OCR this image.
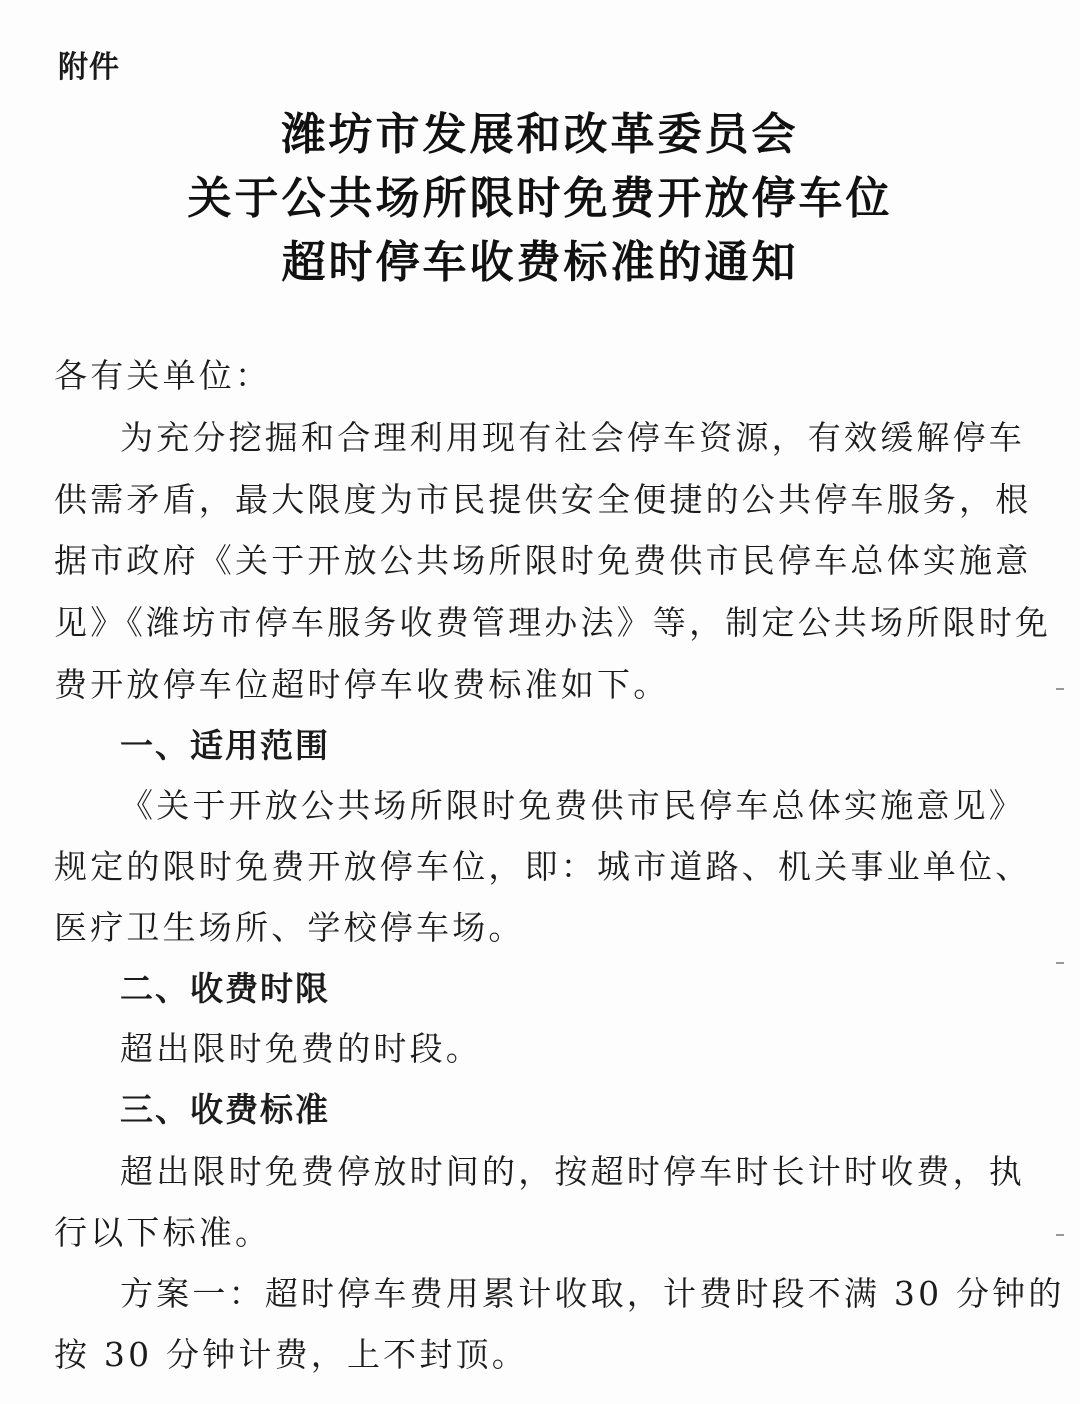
附件
潍坊市发展和改革委员会
关于公共场所限时免费开放停车位
超时停车收费标准的通知
各有关单位：
为充分挖掘和合理利用现有社会停车资源，有效缓解停车
供需矛盾，最大限度为市民提供安全便捷的公共停车服务，根
据市政府《关于开放公共场所限时免费供市民停车总体实施意
见》《潍坊市停车服务收费管理办法》等，制定公共场所限时免
费开放停车位超时停车收费标准如下。
一、适用范围
《关于开放公共场所限时免费供市民停车总体实施意见》
规定的限时免费开放停车位，即：城市道路、机关事业单位、
医疗卫生场所、学校停车场。
二、收费时限
超出限时免费的时段。
三、收费标准
超出限时免费停放时间的，按超时停车时长计时收费，执
行以下标准。
方案一：超时停车费用累计收取，计费时段不满 30 分钟的
按 30 分钟计费，上不封顶。
